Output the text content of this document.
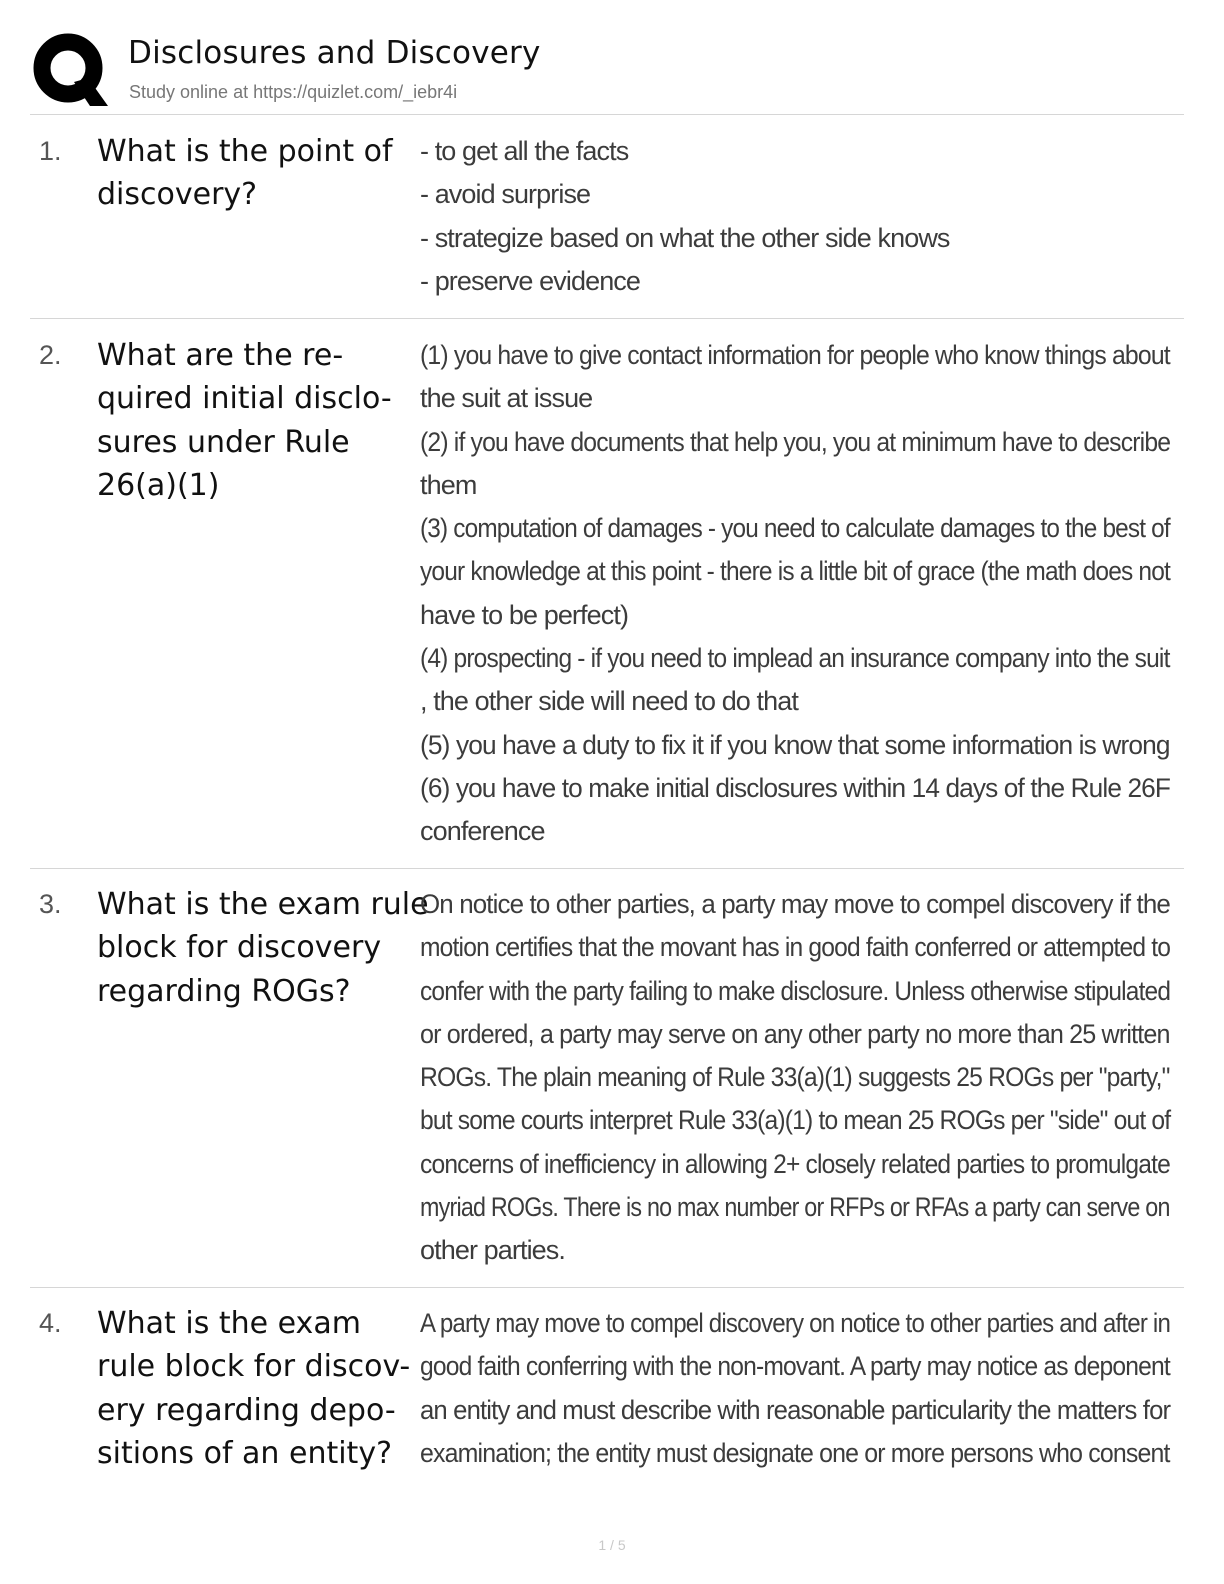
Disclosures and Discovery
Study online at https://quizlet.com/_iebr4i
1. What is the point of
discovery?
- to get all the facts
- avoid surprise
- strategize based on what the other side knows
- preserve evidence
2. What are the re-
quired initial disclo-
sures under Rule
26(a)(1)
(1) you have to give contact information for people who know things about
the suit at issue
(2) if you have documents that help you, you at minimum have to describe
them
(3) computation of damages - you need to calculate damages to the best of
your knowledge at this point - there is a little bit of grace (the math does not
have to be perfect)
(4) prospecting - if you need to implead an insurance company into the suit
, the other side will need to do that
(5) you have a duty to fix it if you know that some information is wrong
(6) you have to make initial disclosures within 14 days of the Rule 26F
conference
3. What is the exam rule
block for discovery
regarding ROGs?
On notice to other parties, a party may move to compel discovery if the
motion certifies that the movant has in good faith conferred or attempted to
confer with the party failing to make disclosure. Unless otherwise stipulated
or ordered, a party may serve on any other party no more than 25 written
ROGs. The plain meaning of Rule 33(a)(1) suggests 25 ROGs per "party,"
but some courts interpret Rule 33(a)(1) to mean 25 ROGs per "side" out of
concerns of inefficiency in allowing 2+ closely related parties to promulgate
myriad ROGs. There is no max number or RFPs or RFAs a party can serve on
other parties.
4. What is the exam
rule block for discov-
ery regarding depo-
sitions of an entity?
A party may move to compel discovery on notice to other parties and after in
good faith conferring with the non-movant. A party may notice as deponent
an entity and must describe with reasonable particularity the matters for
examination; the entity must designate one or more persons who consent
1 / 5
